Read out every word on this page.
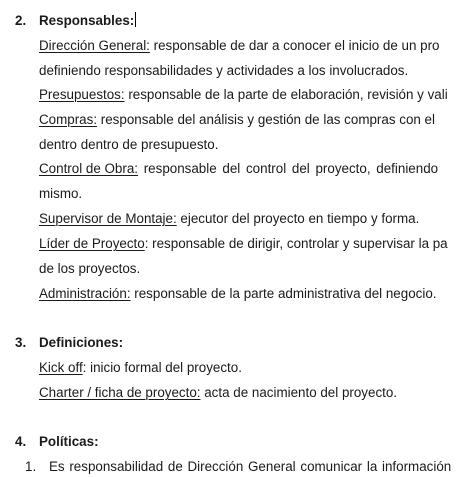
2. Responsables:
Dirección General: responsable de dar a conocer el inicio de un pro
definiendo responsabilidades y actividades a los involucrados.
Presupuestos: responsable de la parte de elaboración, revisión y vali
Compras: responsable del análisis y gestión de las compras con el
dentro dentro de presupuesto.
Control de Obra: responsable del control del proyecto, definiendo
mismo.
Supervisor de Montaje: ejecutor del proyecto en tiempo y forma.
Líder de Proyecto: responsable de dirigir, controlar y supervisar la pa
de los proyectos.
Administración: responsable de la parte administrativa del negocio.
3. Definiciones:
Kick off: inicio formal del proyecto.
Charter / ficha de proyecto: acta de nacimiento del proyecto.
4. Políticas:
1. Es responsabilidad de Dirección General comunicar la información
